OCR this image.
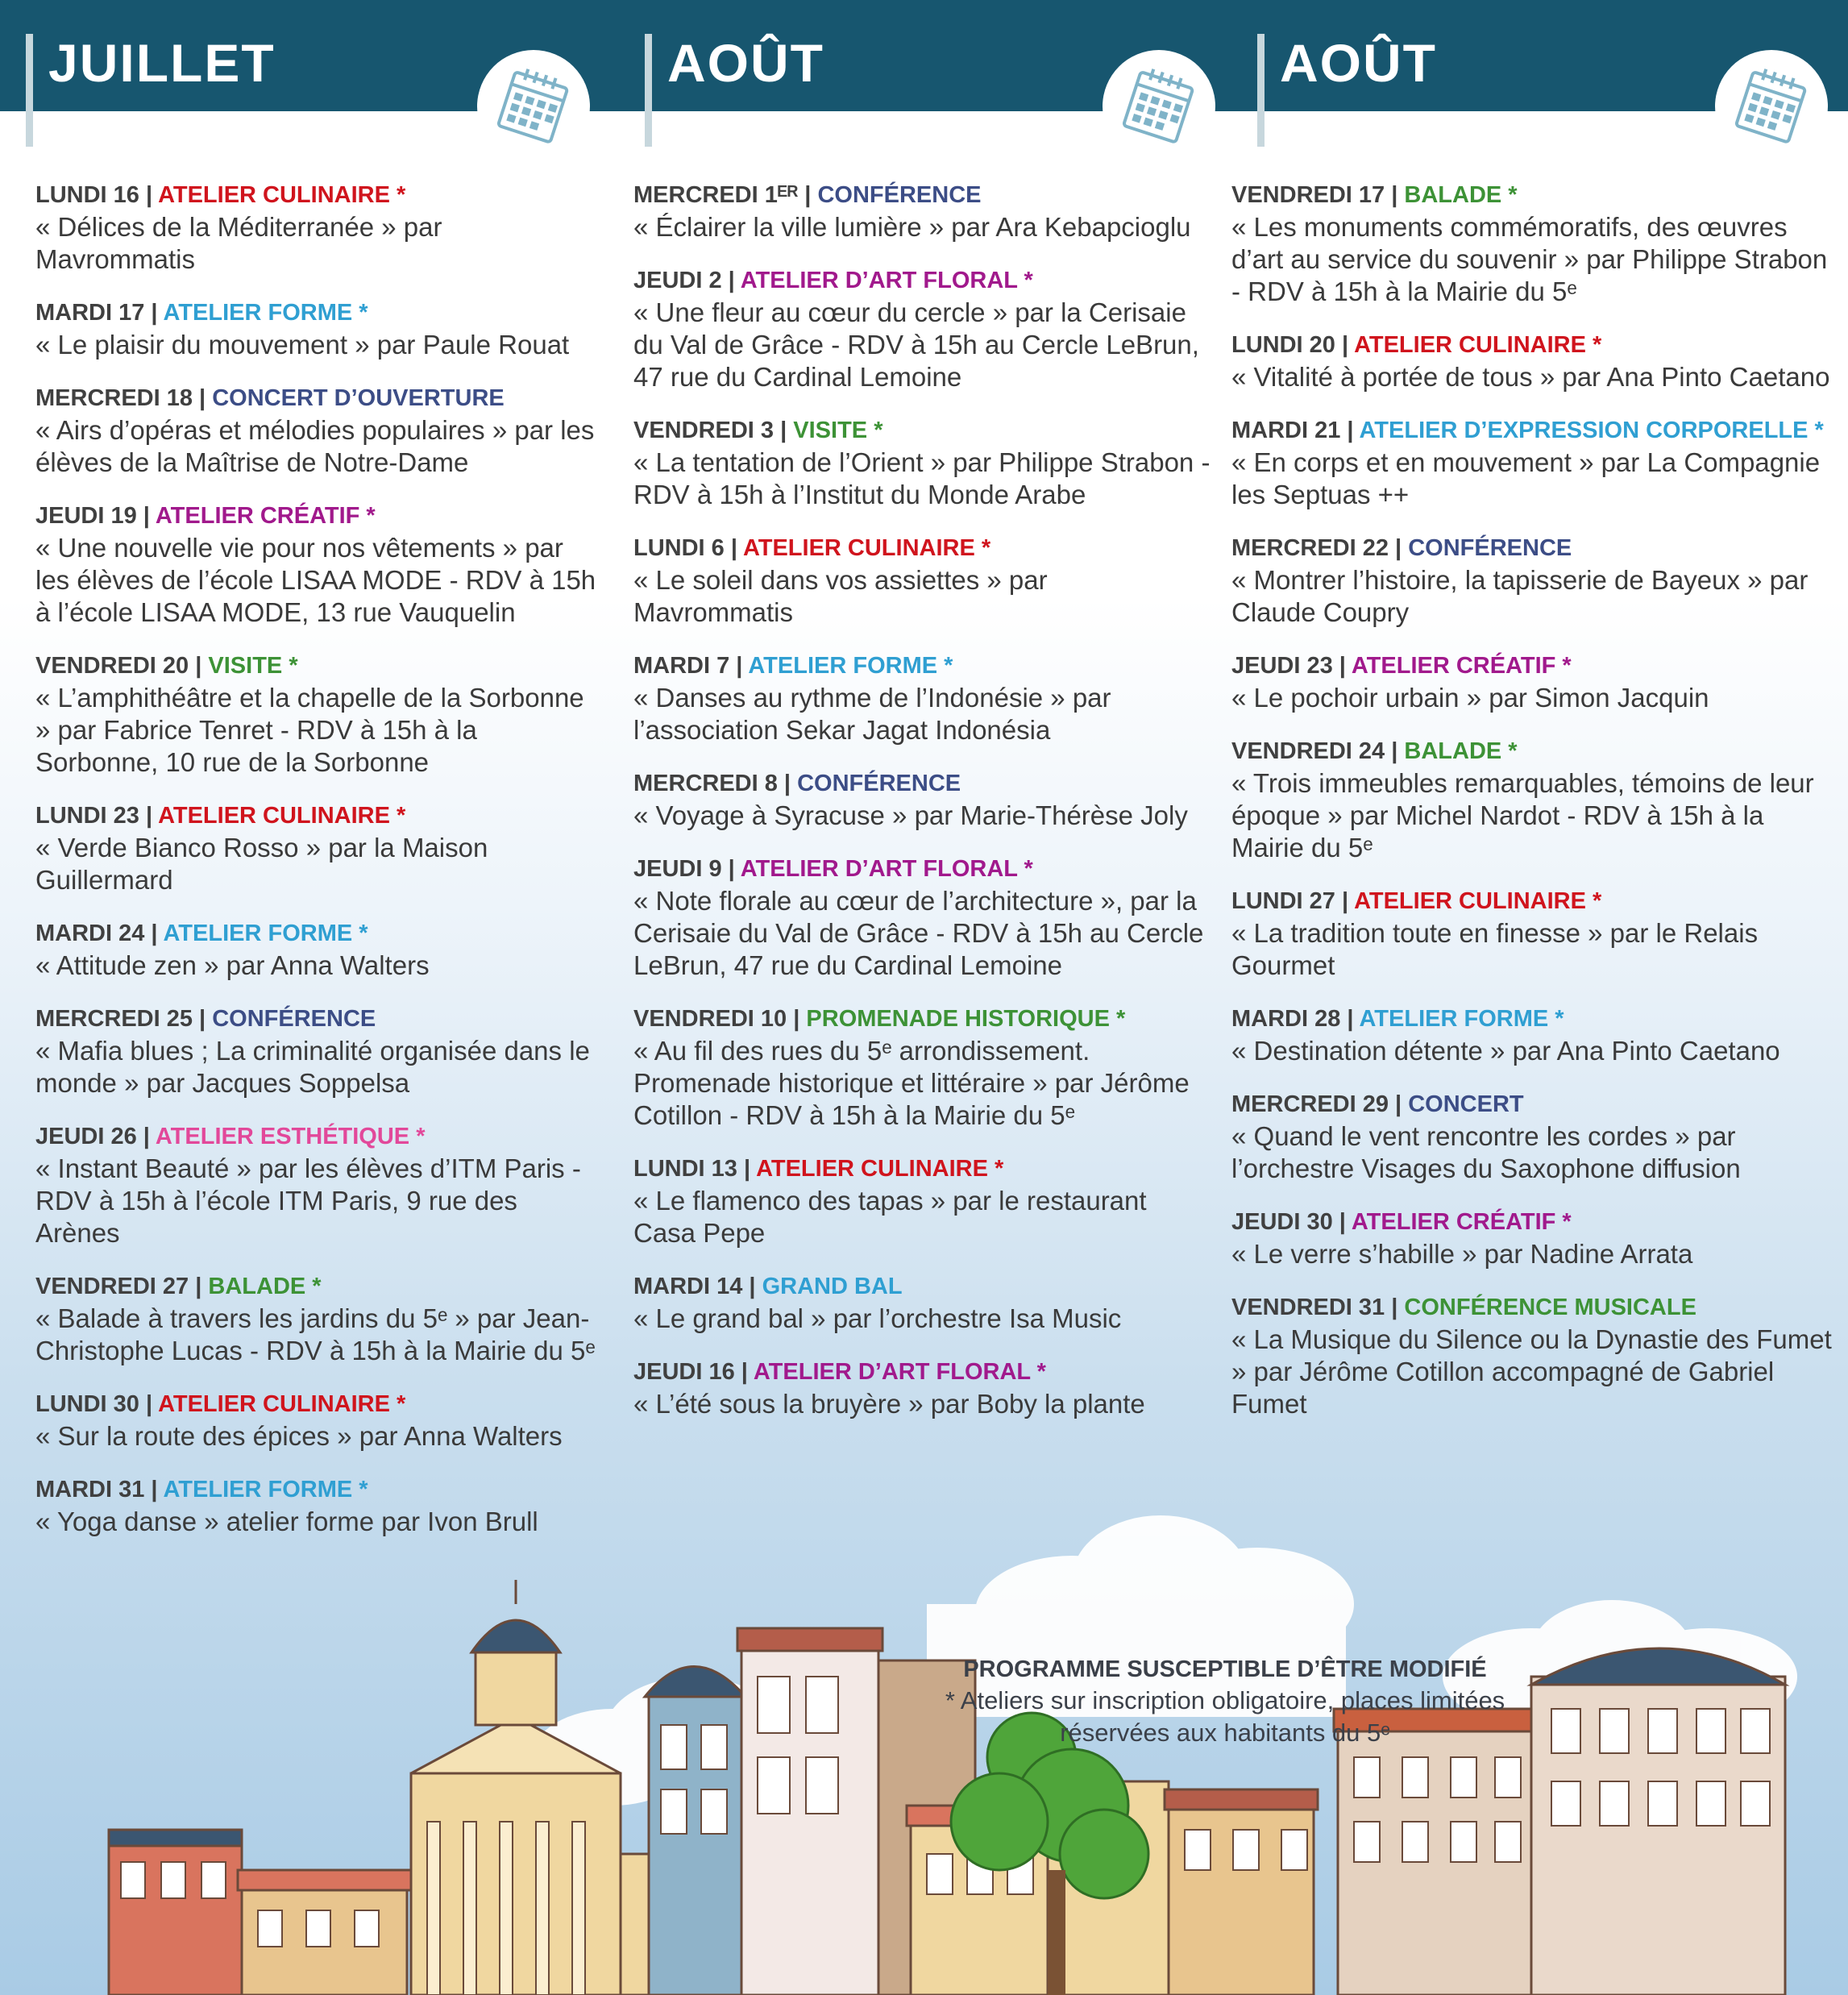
JUILLET	AOÛT	AOÛT
LUNDI 16 | ATELIER CULINAIRE *
« Délices de la Méditerranée » par Mavrommatis
MARDI 17 | ATELIER FORME *
« Le plaisir du mouvement » par Paule Rouat
MERCREDI 18 | CONCERT D’OUVERTURE
« Airs d’opéras et mélodies populaires » par les élèves de la Maîtrise de Notre-Dame
JEUDI 19 | ATELIER CRÉATIF *
« Une nouvelle vie pour nos vêtements » par les élèves de l’école LISAA MODE - RDV à 15h à l’école LISAA MODE, 13 rue Vauquelin
VENDREDI 20 | VISITE *
« L’amphithéâtre et la chapelle de la Sorbonne » par Fabrice Tenret - RDV à 15h à la Sorbonne, 10 rue de la Sorbonne
LUNDI 23 | ATELIER CULINAIRE *
« Verde Bianco Rosso » par la Maison Guillermard
MARDI 24 | ATELIER FORME *
« Attitude zen » par Anna Walters
MERCREDI 25 | CONFÉRENCE
« Mafia blues ; La criminalité organisée dans le monde » par Jacques Soppelsa
JEUDI 26 | ATELIER ESTHÉTIQUE *
« Instant Beauté » par les élèves d’ITM Paris - RDV à 15h à l’école ITM Paris, 9 rue des Arènes
VENDREDI 27 | BALADE *
« Balade à travers les jardins du 5ᵉ » par Jean-Christophe Lucas - RDV à 15h à la Mairie du 5ᵉ
LUNDI 30 | ATELIER CULINAIRE *
« Sur la route des épices » par Anna Walters
MARDI 31 | ATELIER FORME *
« Yoga danse » atelier forme par Ivon Brull
MERCREDI 1ᴱᴿ | CONFÉRENCE
« Éclairer la ville lumière » par Ara Kebapcioglu
JEUDI 2 | ATELIER D’ART FLORAL *
« Une fleur au cœur du cercle » par la Cerisaie du Val de Grâce - RDV à 15h au Cercle LeBrun, 47 rue du Cardinal Lemoine
VENDREDI 3 | VISITE *
« La tentation de l’Orient » par Philippe Strabon - RDV à 15h à l’Institut du Monde Arabe
LUNDI 6 | ATELIER CULINAIRE *
« Le soleil dans vos assiettes » par Mavrommatis
MARDI 7 | ATELIER FORME *
« Danses au rythme de l’Indonésie » par l’association Sekar Jagat Indonésia
MERCREDI 8 | CONFÉRENCE
« Voyage à Syracuse » par Marie-Thérèse Joly
JEUDI 9 | ATELIER D’ART FLORAL *
« Note florale au cœur de l’architecture », par la Cerisaie du Val de Grâce - RDV à 15h au Cercle LeBrun, 47 rue du Cardinal Lemoine
VENDREDI 10 | PROMENADE HISTORIQUE *
« Au fil des rues du 5ᵉ arrondissement. Promenade historique et littéraire » par Jérôme Cotillon - RDV à 15h à la Mairie du 5ᵉ
LUNDI 13 | ATELIER CULINAIRE *
« Le flamenco des tapas » par le restaurant Casa Pepe
MARDI 14 | GRAND BAL
« Le grand bal » par l’orchestre Isa Music
JEUDI 16 | ATELIER D’ART FLORAL *
« L’été sous la bruyère » par Boby la plante
VENDREDI 17 | BALADE *
« Les monuments commémoratifs, des œuvres d’art au service du souvenir » par Philippe Strabon - RDV à 15h à la Mairie du 5ᵉ
LUNDI 20 | ATELIER CULINAIRE *
« Vitalité à portée de tous » par Ana Pinto Caetano
MARDI 21 | ATELIER D’EXPRESSION CORPORELLE *
« En corps et en mouvement » par La Compagnie les Septuas ++
MERCREDI 22 | CONFÉRENCE
« Montrer l’histoire, la tapisserie de Bayeux » par Claude Coupry
JEUDI 23 | ATELIER CRÉATIF *
« Le pochoir urbain » par Simon Jacquin
VENDREDI 24 | BALADE *
« Trois immeubles remarquables, témoins de leur époque » par Michel Nardot - RDV à 15h à la Mairie du 5ᵉ
LUNDI 27 | ATELIER CULINAIRE *
« La tradition toute en finesse » par le Relais Gourmet
MARDI 28 | ATELIER FORME *
« Destination détente » par Ana Pinto Caetano
MERCREDI 29 | CONCERT
« Quand le vent rencontre les cordes » par l’orchestre Visages du Saxophone diffusion
JEUDI 30 | ATELIER CRÉATIF *
« Le verre s’habille » par Nadine Arrata
VENDREDI 31 | CONFÉRENCE MUSICALE
« La Musique du Silence ou la Dynastie des Fumet » par Jérôme Cotillon accompagné de Gabriel Fumet
PROGRAMME SUSCEPTIBLE D’ÊTRE MODIFIÉ
* Ateliers sur inscription obligatoire, places limitées réservées aux habitants du 5ᵉ
